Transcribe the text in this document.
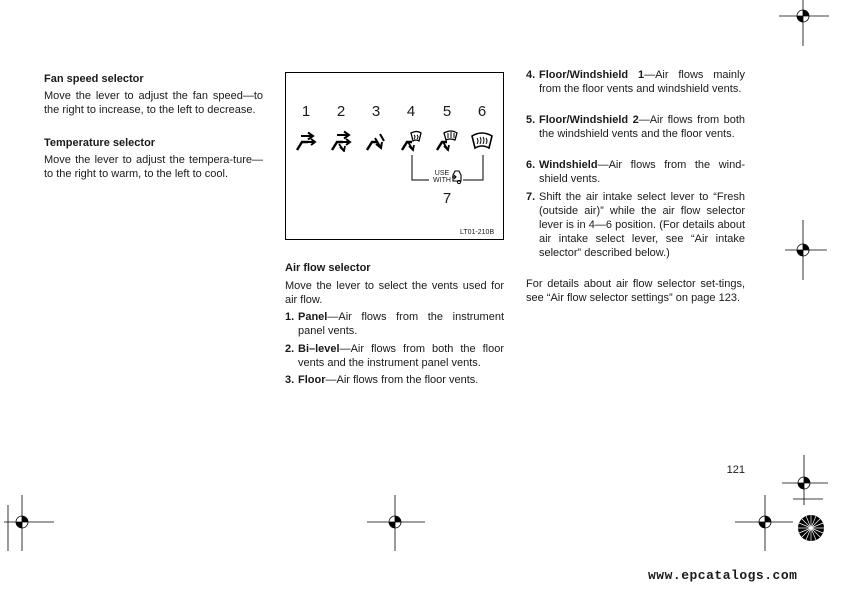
Fan speed selector
Move the lever to adjust the fan speed—to the right to increase, to the left to decrease.
Temperature selector
Move the lever to adjust the tempera-ture—to the right to warm, to the left to cool.
1	2	3	4	5	6
USE
WITH
7
LT01-210B
Air flow selector
Move the lever to select the vents used for air flow.
1. Panel—Air flows from the instrument panel vents.
2. Bi–level—Air flows from both the floor vents and the instrument panel vents.
3. Floor—Air flows from the floor vents.
4. Floor/Windshield 1—Air flows mainly from the floor vents and windshield vents.
5. Floor/Windshield 2—Air flows from both the windshield vents and the floor vents.
6. Windshield—Air flows from the wind-shield vents.
7. Shift the air intake select lever to “Fresh (outside air)” while the air flow selector lever is in 4—6 position. (For details about air intake select lever, see “Air intake selector” described below.)
For details about air flow selector set-tings, see “Air flow selector settings” on page 123.
121
www.epcatalogs.com
